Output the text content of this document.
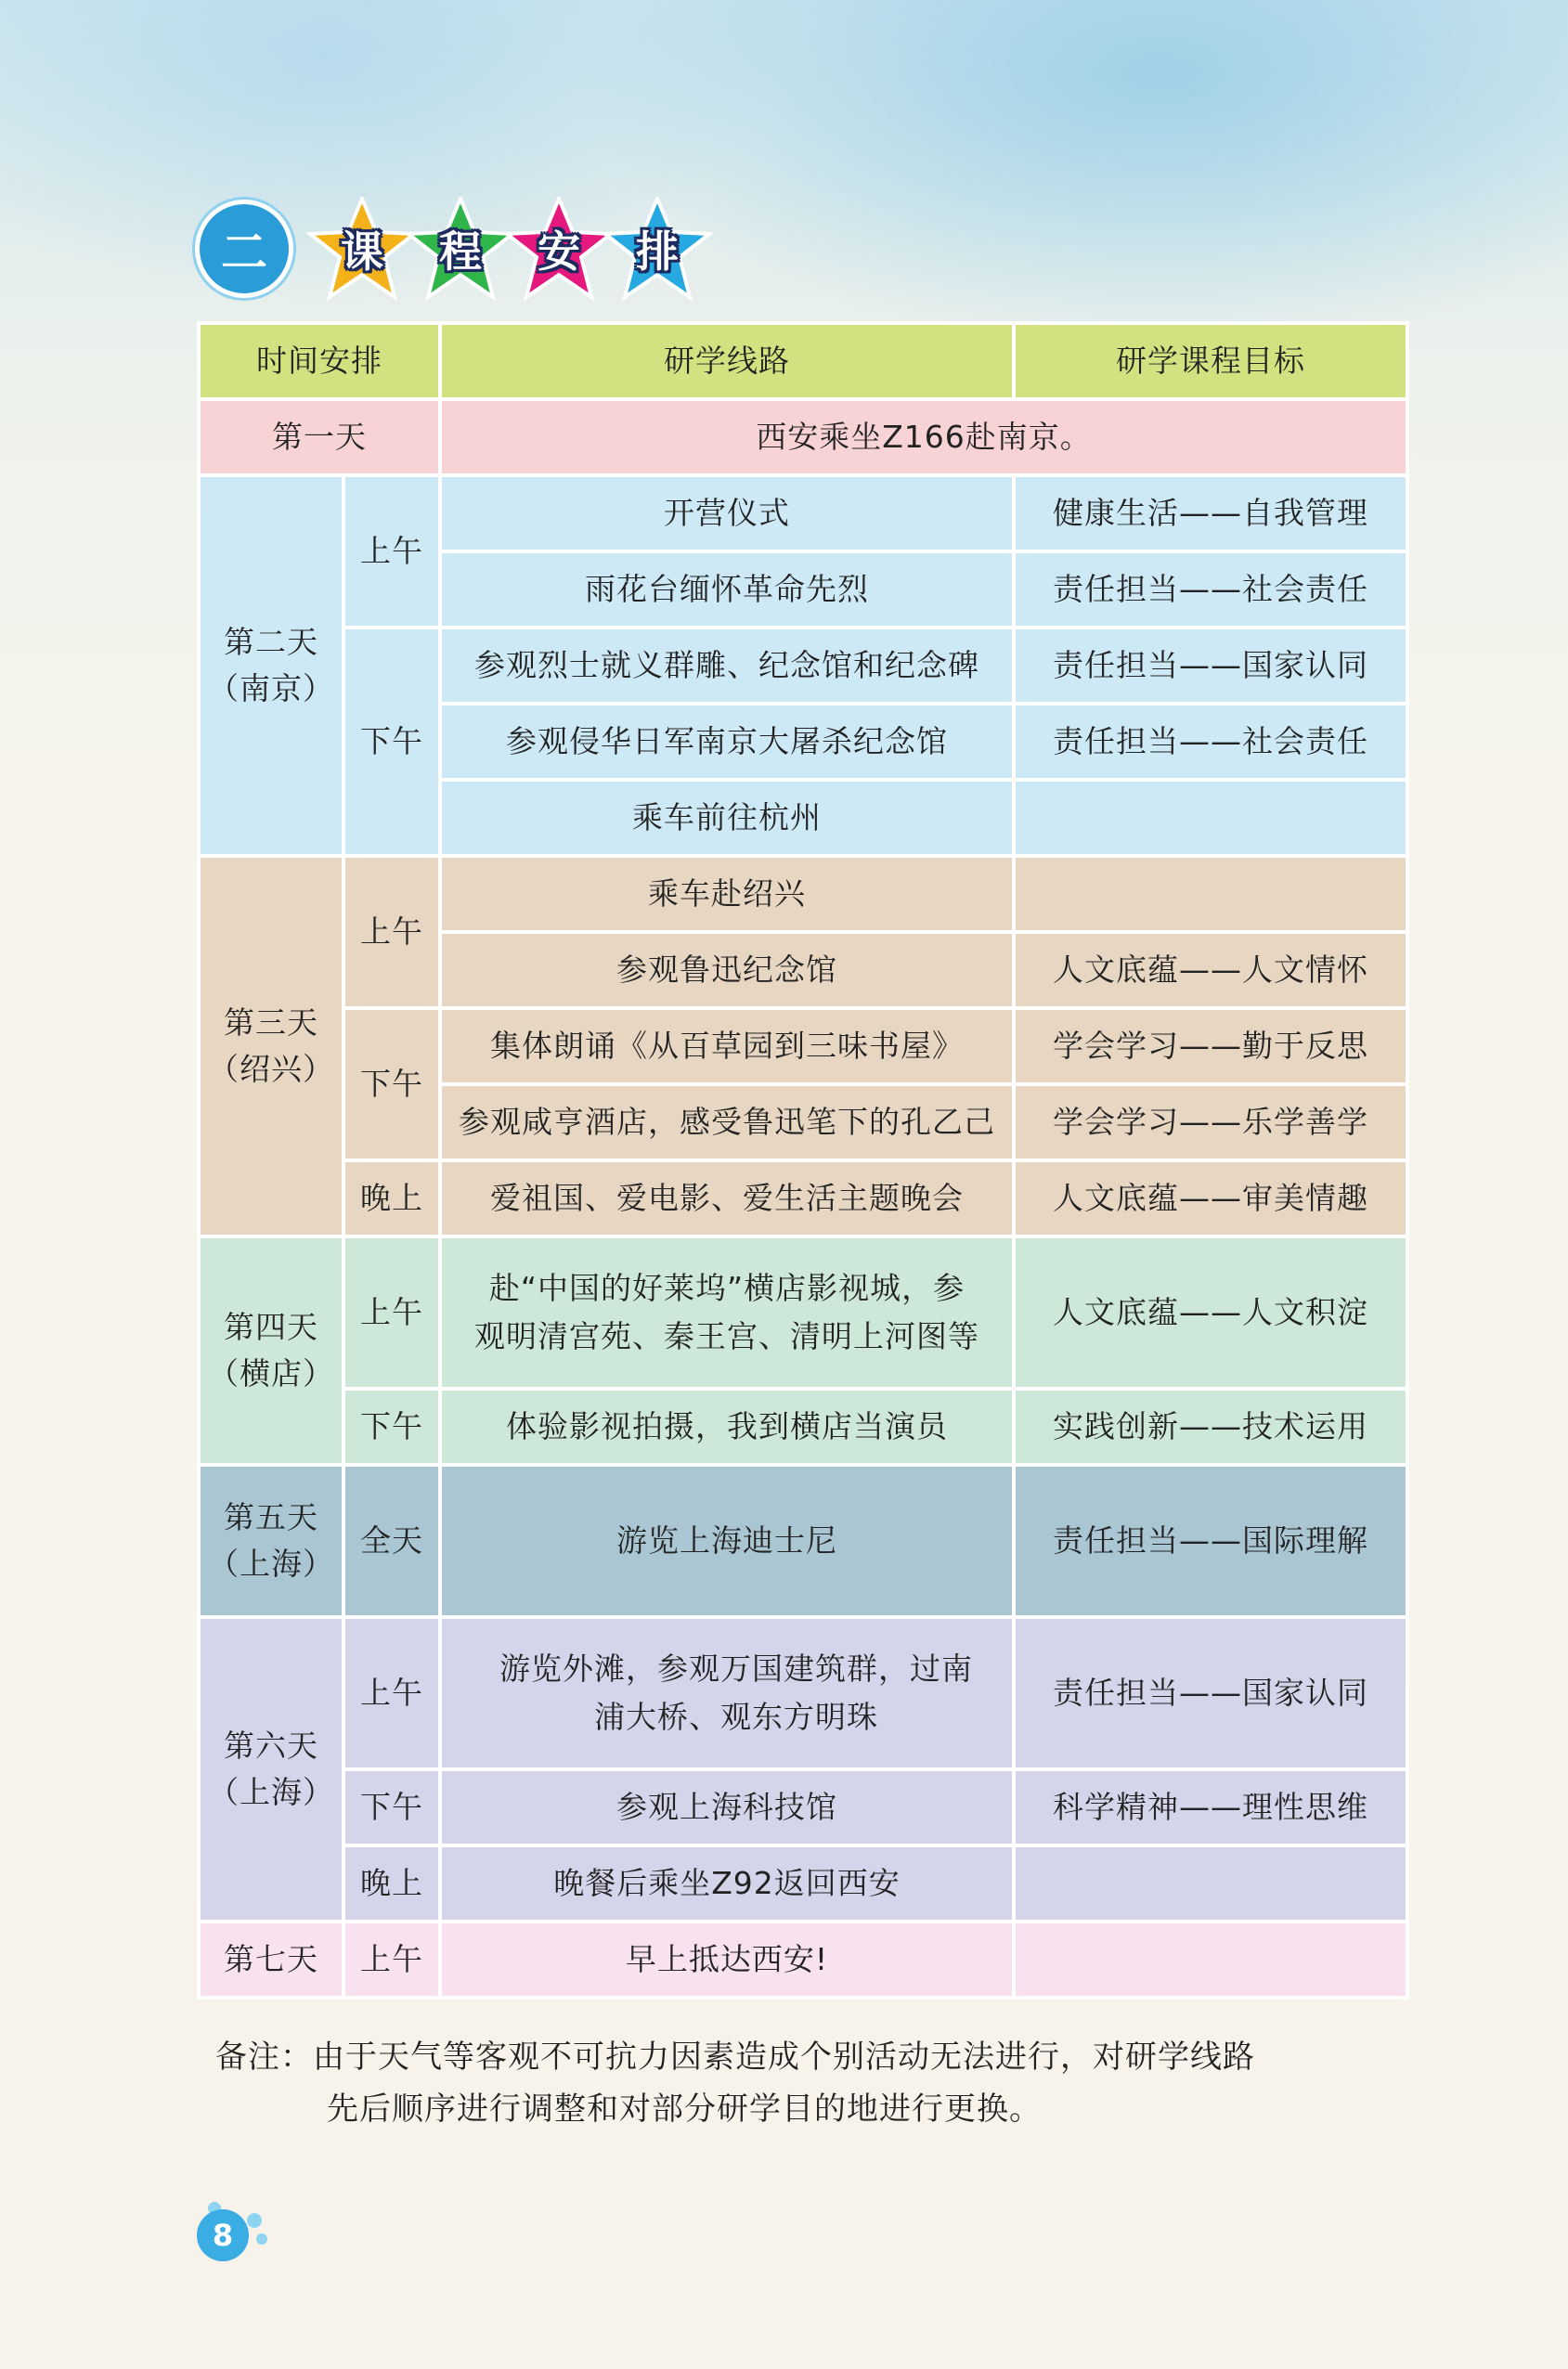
二	课 程 安 排
时间安排		研学线路	研学课程目标
第一天		西安乘坐Z166赴南京。	
第二天
（南京）	上午	开营仪式	健康生活——自我管理
		雨花台缅怀革命先烈	责任担当——社会责任
	下午	参观烈士就义群雕、纪念馆和纪念碑	责任担当——国家认同
		参观侵华日军南京大屠杀纪念馆	责任担当——社会责任
		乘车前往杭州	
第三天
（绍兴）	上午	乘车赴绍兴	
		参观鲁迅纪念馆	人文底蕴——人文情怀
	下午	集体朗诵《从百草园到三味书屋》	学会学习——勤于反思
		参观咸亨酒店，感受鲁迅笔下的孔乙己	学会学习——乐学善学
	晚上	爱祖国、爱电影、爱生活主题晚会	人文底蕴——审美情趣
第四天
（横店）	上午	赴“中国的好莱坞”横店影视城，参
观明清宫苑、秦王宫、清明上河图等	人文底蕴——人文积淀
	下午	体验影视拍摄，我到横店当演员	实践创新——技术运用
第五天
（上海）	全天	游览上海迪士尼	责任担当——国际理解
第六天
（上海）	上午	游览外滩，参观万国建筑群，过南
浦大桥、观东方明珠	责任担当——国家认同
	下午	参观上海科技馆	科学精神——理性思维
	晚上	晚餐后乘坐Z92返回西安	
第七天	上午	早上抵达西安!	
备注：由于天气等客观不可抗力因素造成个别活动无法进行，对研学线路
先后顺序进行调整和对部分研学目的地进行更换。
8
